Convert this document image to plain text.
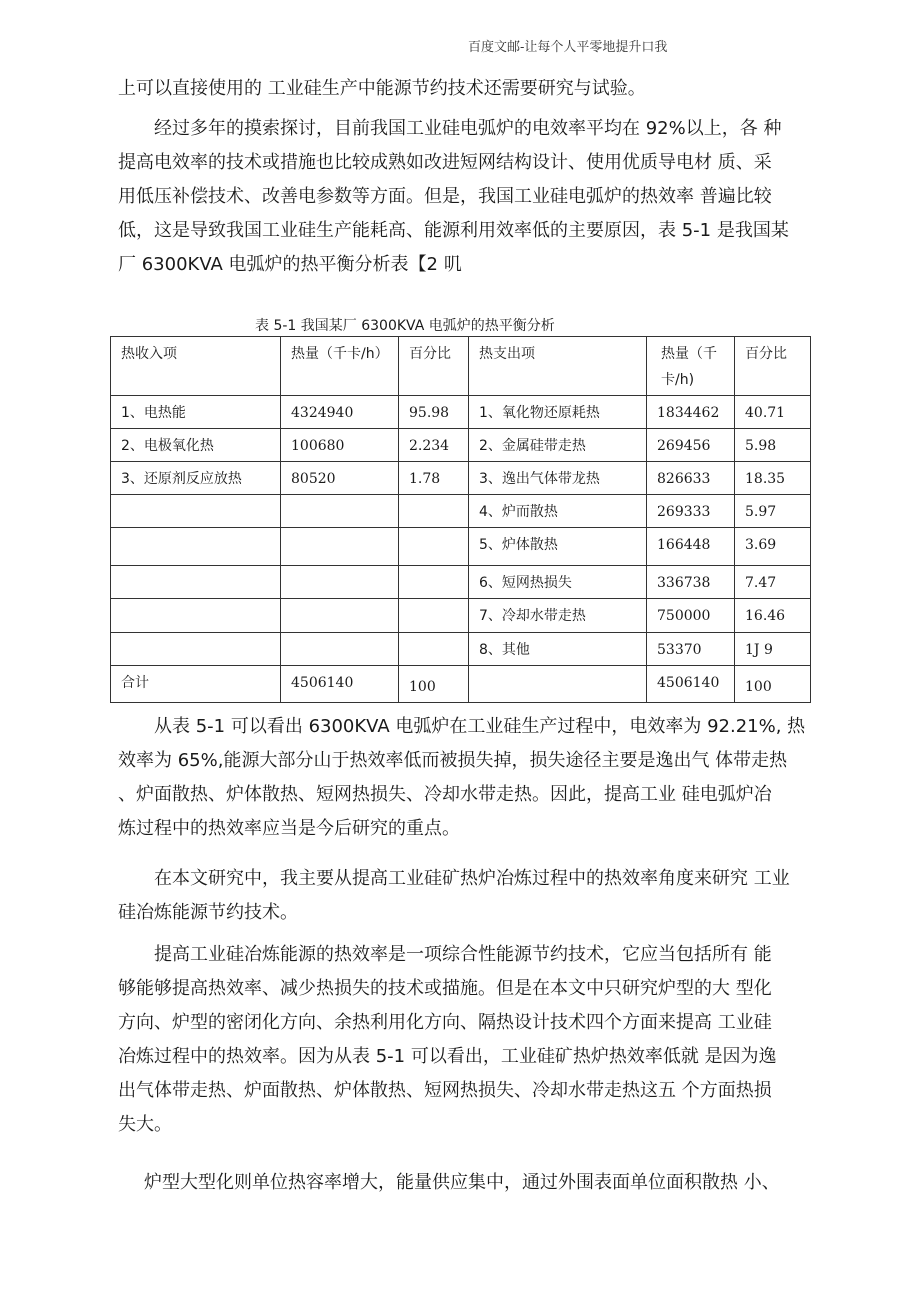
百度文邮-让每个人平零地提升口我

上可以直接使用的 工业硅生产中能源节约技术还需要研究与试验。

经过多年的摸索探讨，目前我国工业硅电弧炉的电效率平均在 92%以上，各 种
提高电效率的技术或措施也比较成熟如改进短网结构设计、使用优质导电材 质、采
用低压补偿技术、改善电参数等方面。但是，我国工业硅电弧炉的热效率 普遍比较
低，这是导致我国工业硅生产能耗高、能源利用效率低的主要原因，表 5-1 是我国某
厂 6300KVA 电弧炉的热平衡分析表【2 叽

表 5-1 我国某厂 6300KVA 电弧炉的热平衡分析
热收入项	热量（千卡/h）	百分比	热支出项	热量（千卡/h)	百分比
1、电热能	4324940	95.98	1、氧化物还原耗热	1834462	40.71
2、电极氧化热	100680	2.234	2、金属硅带走热	269456	5.98
3、还原剂反应放热	80520	1.78	3、逸出气体带龙热	826633	18.35
			4、炉而散热	269333	5.97
			5、炉体散热	166448	3.69
			6、短网热损失	336738	7.47
			7、冷却水带走热	750000	16.46
			8、其他	53370	1J 9
合计	4506140	100		4506140	100

从表 5-1 可以看出 6300KVA 电弧炉在工业硅生产过程中，电效率为 92.21%, 热
效率为 65%,能源大部分山于热效率低而被损失掉，损失途径主要是逸出气 体带走热
、炉面散热、炉体散热、短网热损失、冷却水带走热。因此，提高工业 硅电弧炉冶
炼过程中的热效率应当是今后研究的重点。

在本文研究中，我主要从提高工业硅矿热炉冶炼过程中的热效率角度来研究 工业
硅冶炼能源节约技术。

提高工业硅冶炼能源的热效率是一项综合性能源节约技术，它应当包括所有 能
够能够提高热效率、减少热损失的技术或描施。但是在本文中只研究炉型的大 型化
方向、炉型的密闭化方向、余热利用化方向、隔热设计技术四个方面来提高 工业硅
冶炼过程中的热效率。因为从表 5-1 可以看出，工业硅矿热炉热效率低就 是因为逸
出气体带走热、炉面散热、炉体散热、短网热损失、冷却水带走热这五 个方面热损
失大。

炉型大型化则单位热容率增大，能量供应集中，通过外围表面单位面积散热 小、
